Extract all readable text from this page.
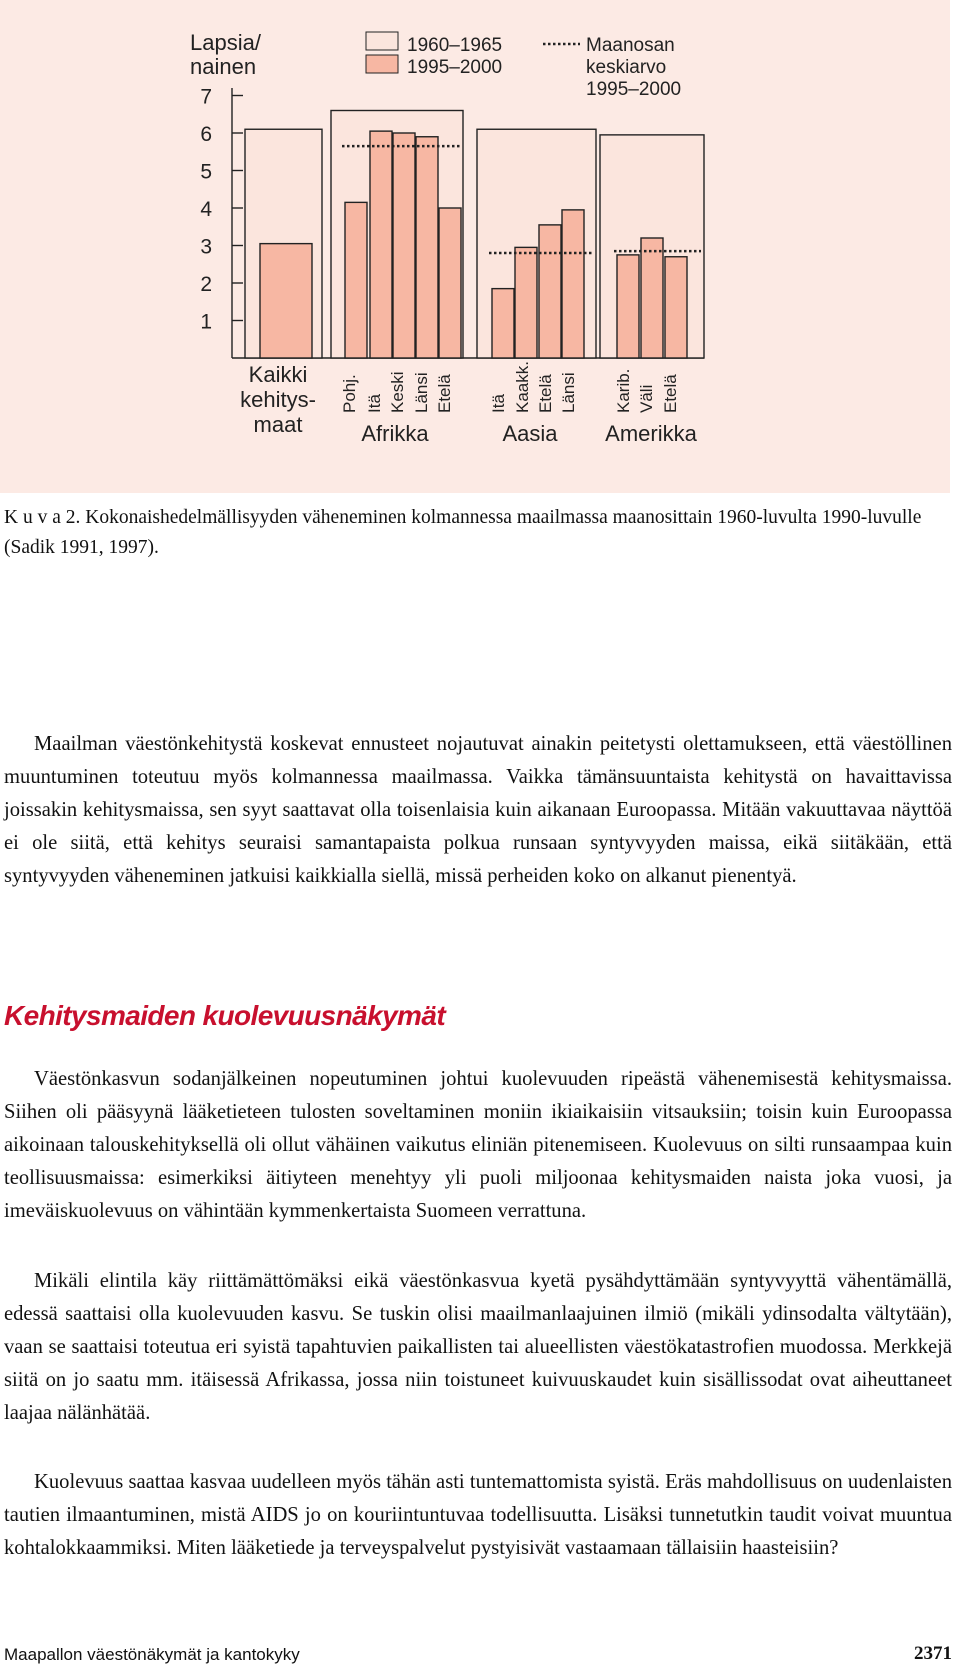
1960–1965
1995–2000
Maanosan
keskiarvo
1995–2000
1
2
3
4
5
6
7
Lapsia/
nainen
Kaikki
kehitys-
maat
Pohj. Itä Keski Länsi Etelä
Afrikka
Itä Kaakk. Etelä Länsi
Aasia
Karib. Väli Etelä
Amerikka

K u v a 2. Kokonaishedelmällisyyden väheneminen kolmannessa maailmassa maanosittain 1960-luvulta 1990-luvulle (Sadik 1991, 1997).

Maailman väestönkehitystä koskevat ennusteet nojautuvat ainakin peitetysti olettamukseen, että väestöllinen muuntuminen toteutuu myös kolmannessa maailmassa. Vaikka tämänsuuntaista kehitystä on havaittavissa joissakin kehitysmaissa, sen syyt saattavat olla toisenlaisia kuin aikanaan Euroopassa. Mitään vakuuttavaa näyttöä ei ole siitä, että kehitys seuraisi samantapaista polkua runsaan syntyvyyden maissa, eikä siitäkään, että syntyvyyden väheneminen jatkuisi kaikkialla siellä, missä perheiden koko on alkanut pienentyä.

Kehitysmaiden kuolevuusnäkymät

Väestönkasvun sodanjälkeinen nopeutuminen johtui kuolevuuden ripeästä vähenemisestä kehitysmaissa. Siihen oli pääsyynä lääketieteen tulosten soveltaminen moniin ikiaikaisiin vitsauksiin; toisin kuin Euroopassa aikoinaan talouskehityksellä oli ollut vähäinen vaikutus eliniän pitenemiseen. Kuolevuus on silti runsaampaa kuin teollisuusmaissa: esimerkiksi äitiyteen menehtyy yli puoli miljoonaa kehitysmaiden naista joka vuosi, ja imeväiskuolevuus on vähintään kymmenkertaista Suomeen verrattuna.

Mikäli elintila käy riittämättömäksi eikä väestönkasvua kyetä pysähdyttämään syntyvyyttä vähentämällä, edessä saattaisi olla kuolevuuden kasvu. Se tuskin olisi maailmanlaajuinen ilmiö (mikäli ydinsodalta vältytään), vaan se saattaisi toteutua eri syistä tapahtuvien paikallisten tai alueellisten väestökatastrofien muodossa. Merkkejä siitä on jo saatu mm. itäisessä Afrikassa, jossa niin toistuneet kuivuuskaudet kuin sisällissodat ovat aiheuttaneet laajaa nälänhätää.

Kuolevuus saattaa kasvaa uudelleen myös tähän asti tuntemattomista syistä. Eräs mahdollisuus on uudenlaisten tautien ilmaantuminen, mistä AIDS jo on kouriintuntuvaa todellisuutta. Lisäksi tunnetutkin taudit voivat muuntua kohtalokkaammiksi. Miten lääketiede ja terveyspalvelut pystyisivät vastaamaan tällaisiin haasteisiin?

Maapallon väestönäkymät ja kantokyky	2371
